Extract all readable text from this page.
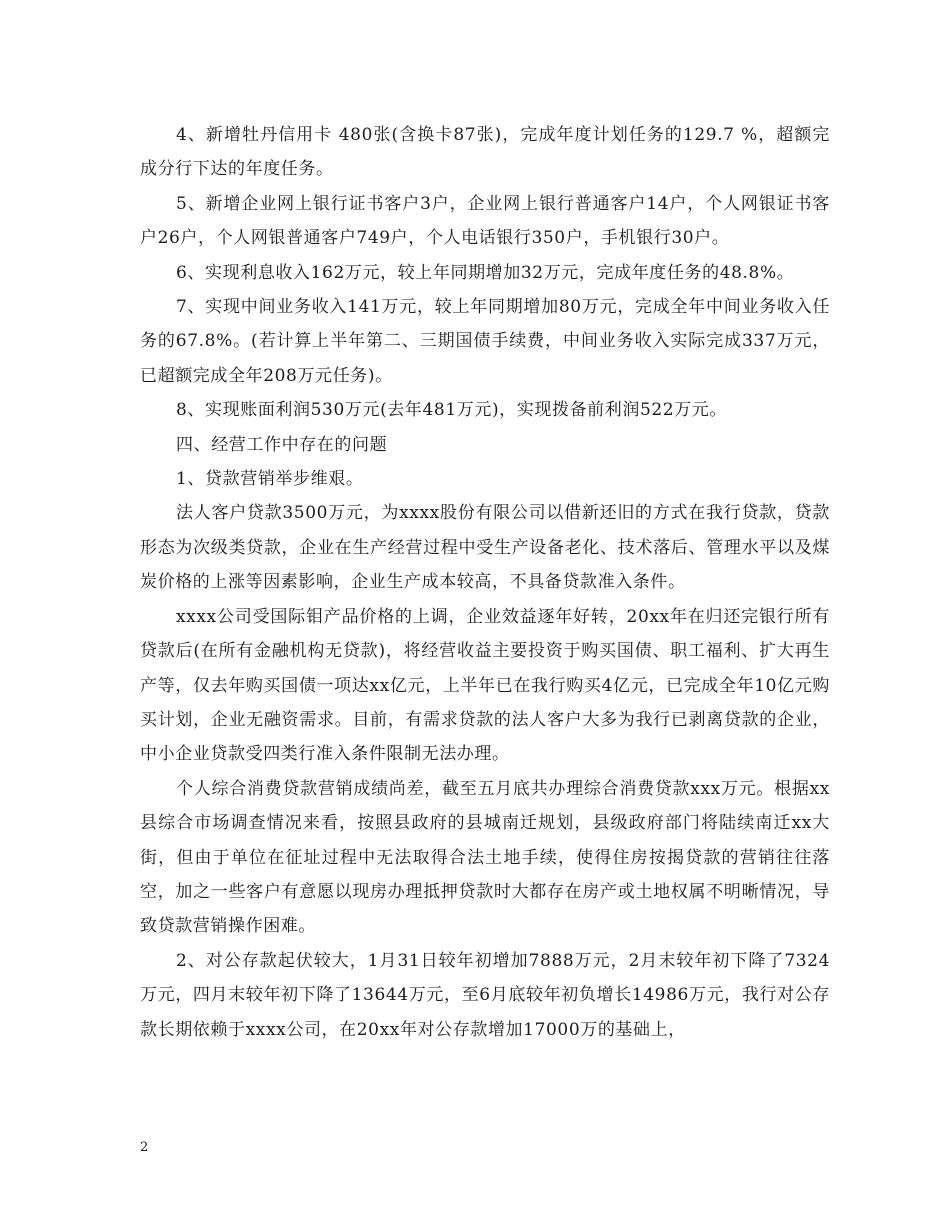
4、新增牡丹信用卡 480张(含换卡87张)，完成年度计划任务的129.7 %，超额完成分行下达的年度任务。

5、新增企业网上银行证书客户3户，企业网上银行普通客户14户，个人网银证书客户26户，个人网银普通客户749户，个人电话银行350户，手机银行30户。

6、实现利息收入162万元，较上年同期增加32万元，完成年度任务的48.8%。

7、实现中间业务收入141万元，较上年同期增加80万元，完成全年中间业务收入任务的67.8%。(若计算上半年第二、三期国债手续费，中间业务收入实际完成337万元，已超额完成全年208万元任务)。

8、实现账面利润530万元(去年481万元)，实现拨备前利润522万元。

四、经营工作中存在的问题

1、贷款营销举步维艰。

法人客户贷款3500万元，为xxxx股份有限公司以借新还旧的方式在我行贷款，贷款形态为次级类贷款，企业在生产经营过程中受生产设备老化、技术落后、管理水平以及煤炭价格的上涨等因素影响，企业生产成本较高，不具备贷款准入条件。

xxxx公司受国际钼产品价格的上调，企业效益逐年好转，20xx年在归还完银行所有贷款后(在所有金融机构无贷款)，将经营收益主要投资于购买国债、职工福利、扩大再生产等，仅去年购买国债一项达xx亿元，上半年已在我行购买4亿元，已完成全年10亿元购买计划，企业无融资需求。目前，有需求贷款的法人客户大多为我行已剥离贷款的企业，中小企业贷款受四类行准入条件限制无法办理。

个人综合消费贷款营销成绩尚差，截至五月底共办理综合消费贷款xxx万元。根据xx县综合市场调查情况来看，按照县政府的县城南迁规划，县级政府部门将陆续南迁xx大街，但由于单位在征址过程中无法取得合法土地手续，使得住房按揭贷款的营销往往落空，加之一些客户有意愿以现房办理抵押贷款时大都存在房产或土地权属不明晰情况，导致贷款营销操作困难。

2、对公存款起伏较大，1月31日较年初增加7888万元，2月末较年初下降了7324万元，四月末较年初下降了13644万元，至6月底较年初负增长14986万元，我行对公存款长期依赖于xxxx公司，在20xx年对公存款增加17000万的基础上，

2
